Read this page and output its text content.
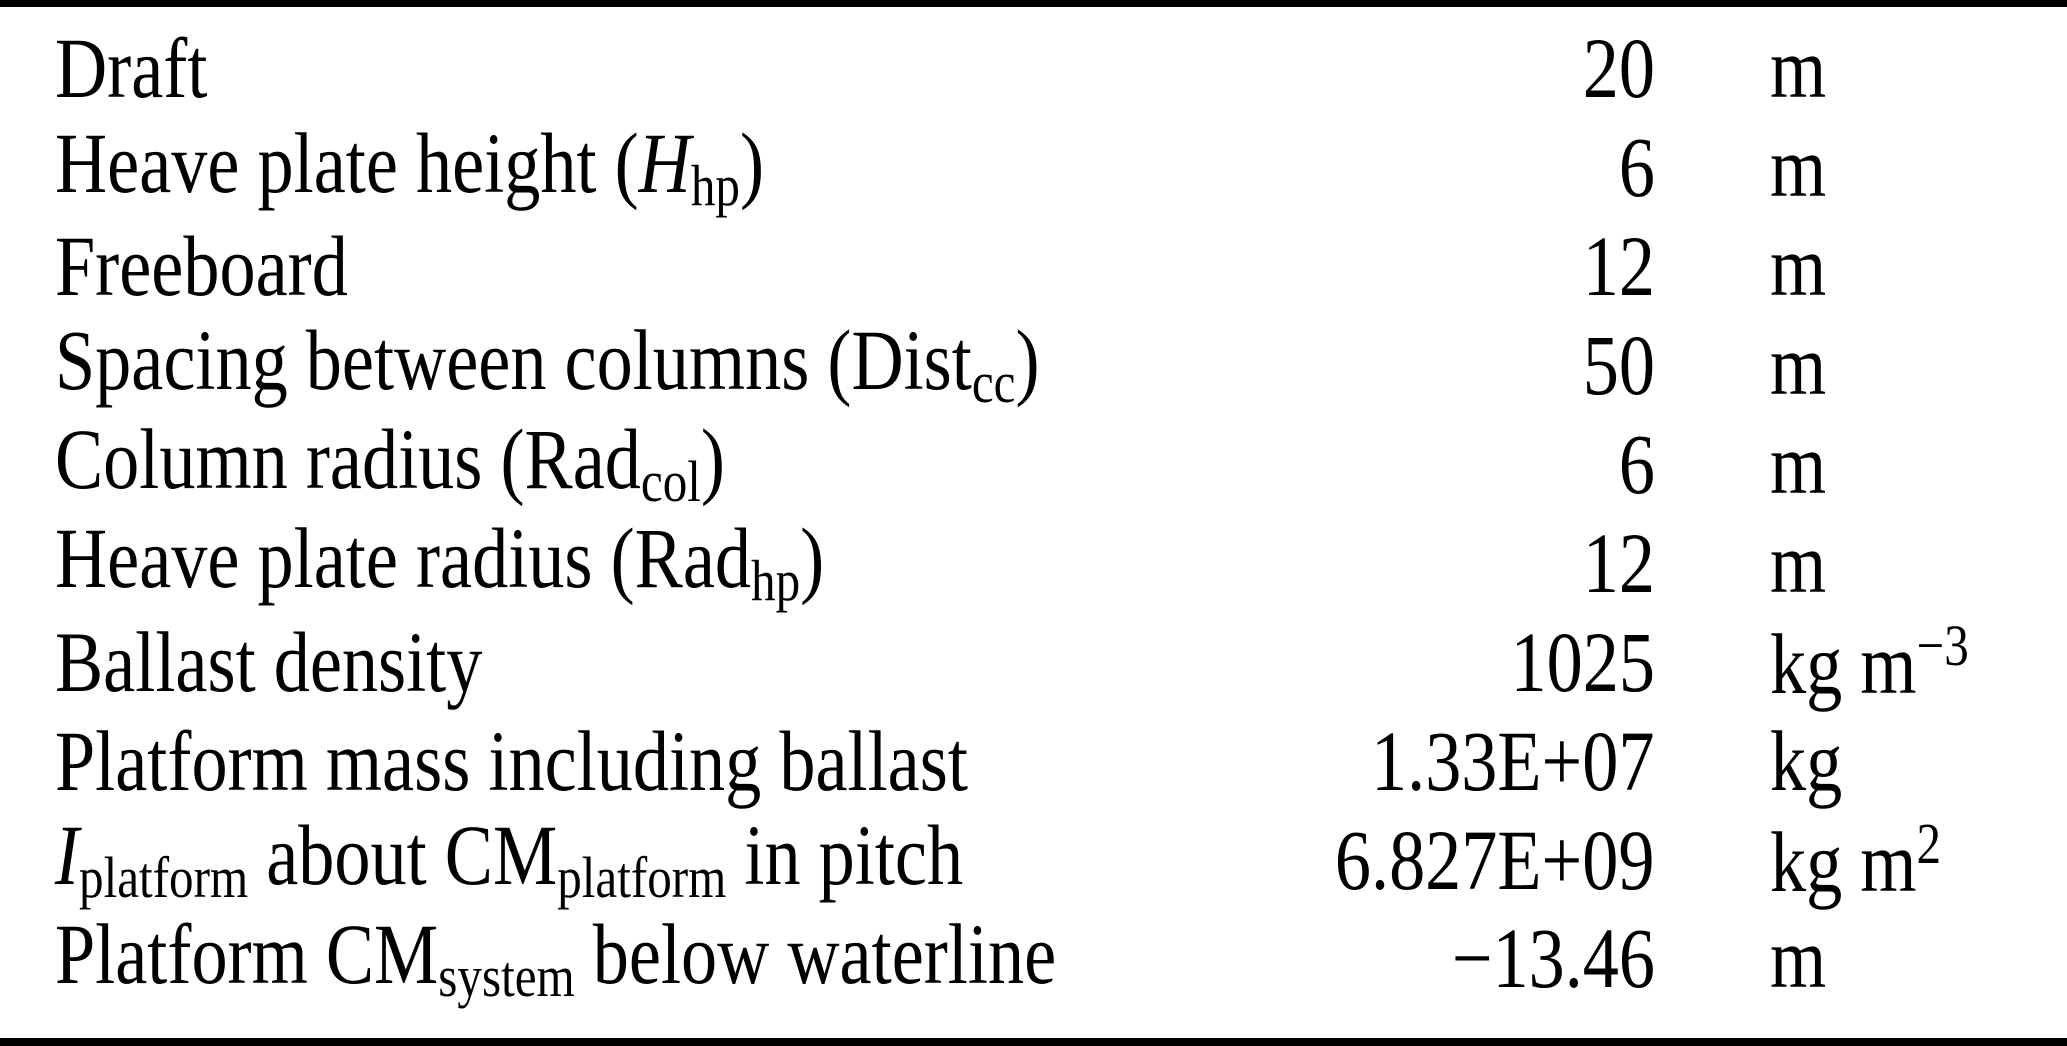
Draft	20 m
Heave plate height $(H_{hp})$	6 m
Freeboard	12 m
Spacing between columns (Dist$_{cc}$)	50 m
Column radius (Rad$_{col}$)	6 m
Heave plate radius (Rad$_{hp}$)	12 m
Ballast density	1025 kg $m^{-3}$
Platform mass including ballast	1.33E+07 kg
$I_{platform}$ about $CM_{platform}$ in pitch	6.827E+09 kg $m^2$
Platform $CM_{system}$ below waterline	−13.46 m
